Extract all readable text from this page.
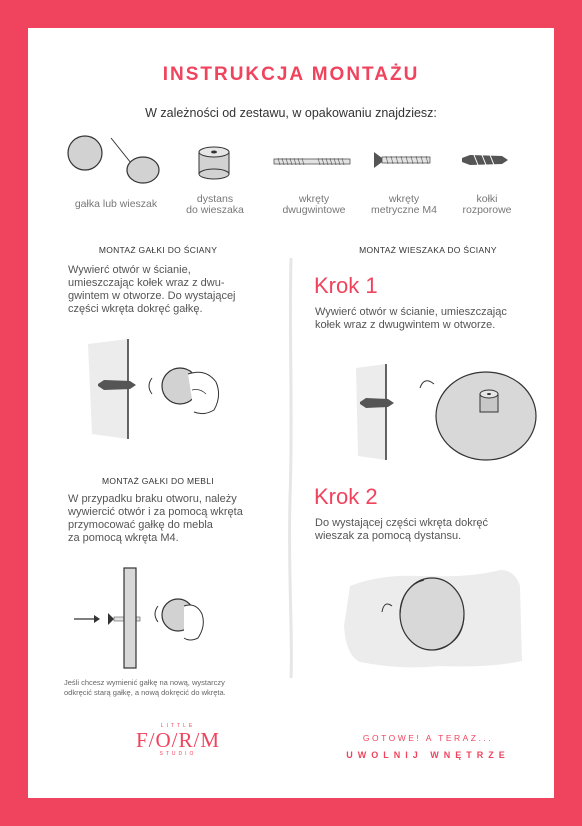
INSTRUKCJA MONTAŻU
W zależności od zestawu, w opakowaniu znajdziesz:
gałka lub wieszak	dystans
do wieszaka
wkręty
dwugwintowe
wkręty
metryczne M4
kołki
rozporowe
MONTAŻ GAŁKI DO ŚCIANY	MONTAŻ WIESZAKA DO ŚCIANY
Wywierć otwór w ścianie,
umieszczając kołek wraz z dwu-
gwintem w otworze. Do wystającej
części wkręta dokręć gałkę.
MONTAŻ GAŁKI DO MEBLI
W przypadku braku otworu, należy
wywiercić otwór i za pomocą wkręta
przymocować gałkę do mebla
za pomocą wkręta M4.
Jeśli chcesz wymienić gałkę na nową, wystarczy
odkręcić starą gałkę, a nową dokręcić do wkręta.
Krok 1
Wywierć otwór w ścianie, umieszczając
kołek wraz z dwugwintem w otworze.
Krok 2
Do wystającej części wkręta dokręć
wieszak za pomocą dystansu.
LITTLE
F/O/R/M
STUDIO
GOTOWE! A TERAZ...
UWOLNIJ WNĘTRZE
